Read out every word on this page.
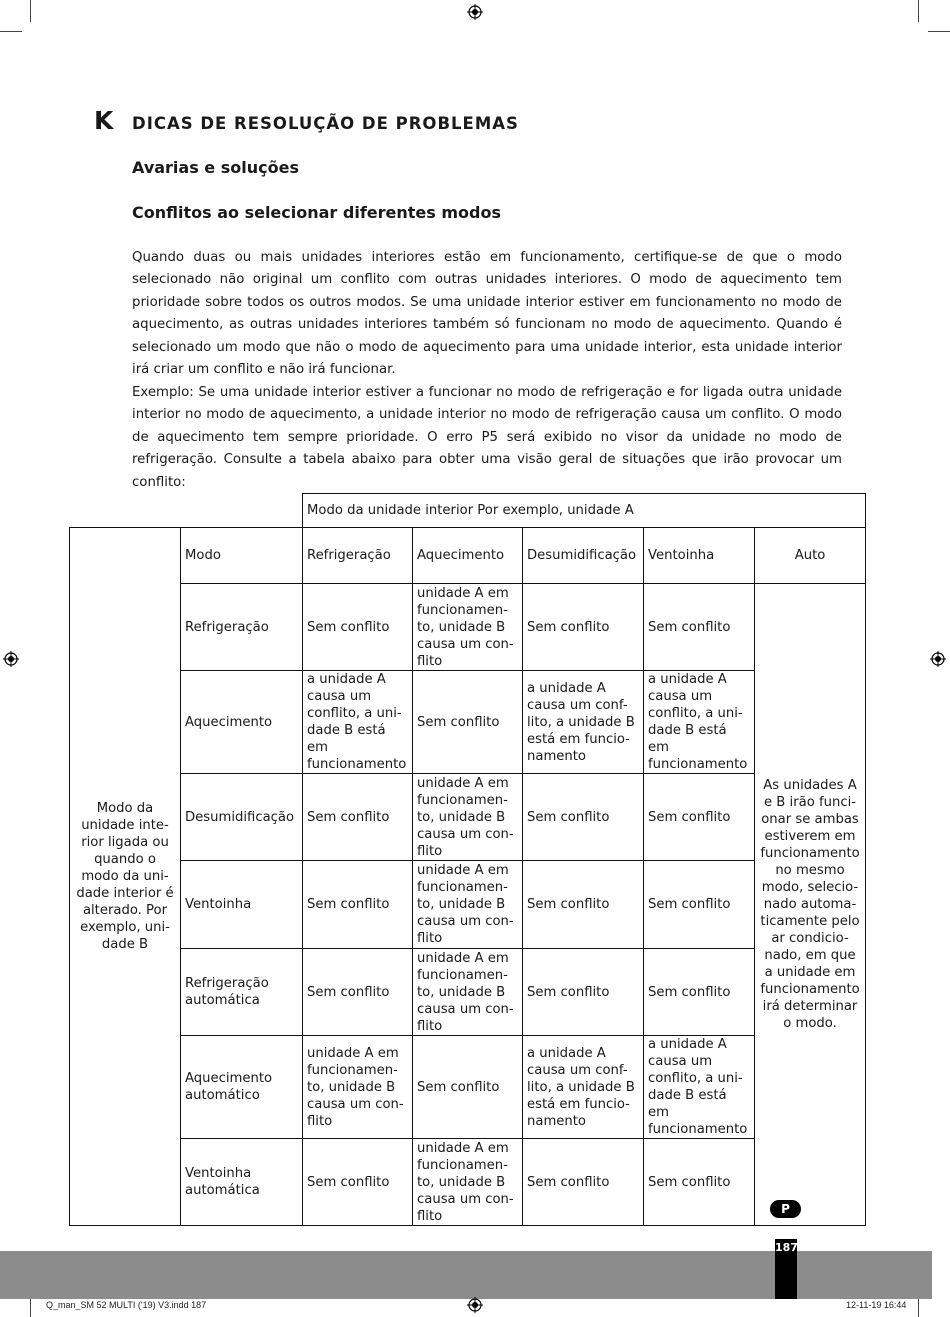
K DICAS DE RESOLUÇÃO DE PROBLEMAS
Avarias e soluções
Conflitos ao selecionar diferentes modos

Quando duas ou mais unidades interiores estão em funcionamento, certifique-se de que o modo selecionado não original um conflito com outras unidades interiores. O modo de aquecimento tem prioridade sobre todos os outros modos. Se uma unidade interior estiver em funcionamento no modo de aquecimento, as outras unidades interiores também só funcionam no modo de aquecimento. Quando é selecionado um modo que não o modo de aquecimento para uma unidade interior, esta unidade interior irá criar um conflito e não irá funcionar.

Exemplo: Se uma unidade interior estiver a funcionar no modo de refrigeração e for ligada outra unidade interior no modo de aquecimento, a unidade interior no modo de refrigeração causa um conflito. O modo de aquecimento tem sempre prioridade. O erro P5 será exibido no visor da unidade no modo de refrigeração. Consulte a tabela abaixo para obter uma visão geral de situações que irão provocar um conflito:

		Modo da unidade interior Por exemplo, unidade A				
Modo da unidade inte-rior ligada ou quando o modo da uni-dade interior é alterado. Por exemplo, uni-dade B	Modo	Refrigeração	Aquecimento	Desumidificação	Ventoinha	Auto
	Refrigeração	Sem conflito	unidade A em funcionamen-to, unidade B causa um con-flito	Sem conflito	Sem conflito	As unidades A e B irão funci-onar se ambas estiverem em funcionamento no mesmo modo, selecio-nado automa-ticamente pelo ar condicio-nado, em que a unidade em funcionamento irá determinar o modo.
	Aquecimento	a unidade A causa um conflito, a uni-dade B está em funcionamento	Sem conflito	a unidade A causa um conf-lito, a unidade B está em funcio-namento	a unidade A causa um conflito, a uni-dade B está em funcionamento	
	Desumidificação	Sem conflito	unidade A em funcionamen-to, unidade B causa um con-flito	Sem conflito	Sem conflito	
	Ventoinha	Sem conflito	unidade A em funcionamen-to, unidade B causa um con-flito	Sem conflito	Sem conflito	
	Refrigeração automática	Sem conflito	unidade A em funcionamen-to, unidade B causa um con-flito	Sem conflito	Sem conflito	
	Aquecimento automático	unidade A em funcionamen-to, unidade B causa um con-flito	Sem conflito	a unidade A causa um conf-lito, a unidade B está em funcio-namento	a unidade A causa um conflito, a uni-dade B está em funcionamento	
	Ventoinha automática	Sem conflito	unidade A em funcionamen-to, unidade B causa um con-flito	Sem conflito	Sem conflito	
P
187
Q_man_SM 52 MULTI ('19) V3.indd 187	12-11-19 16:44
